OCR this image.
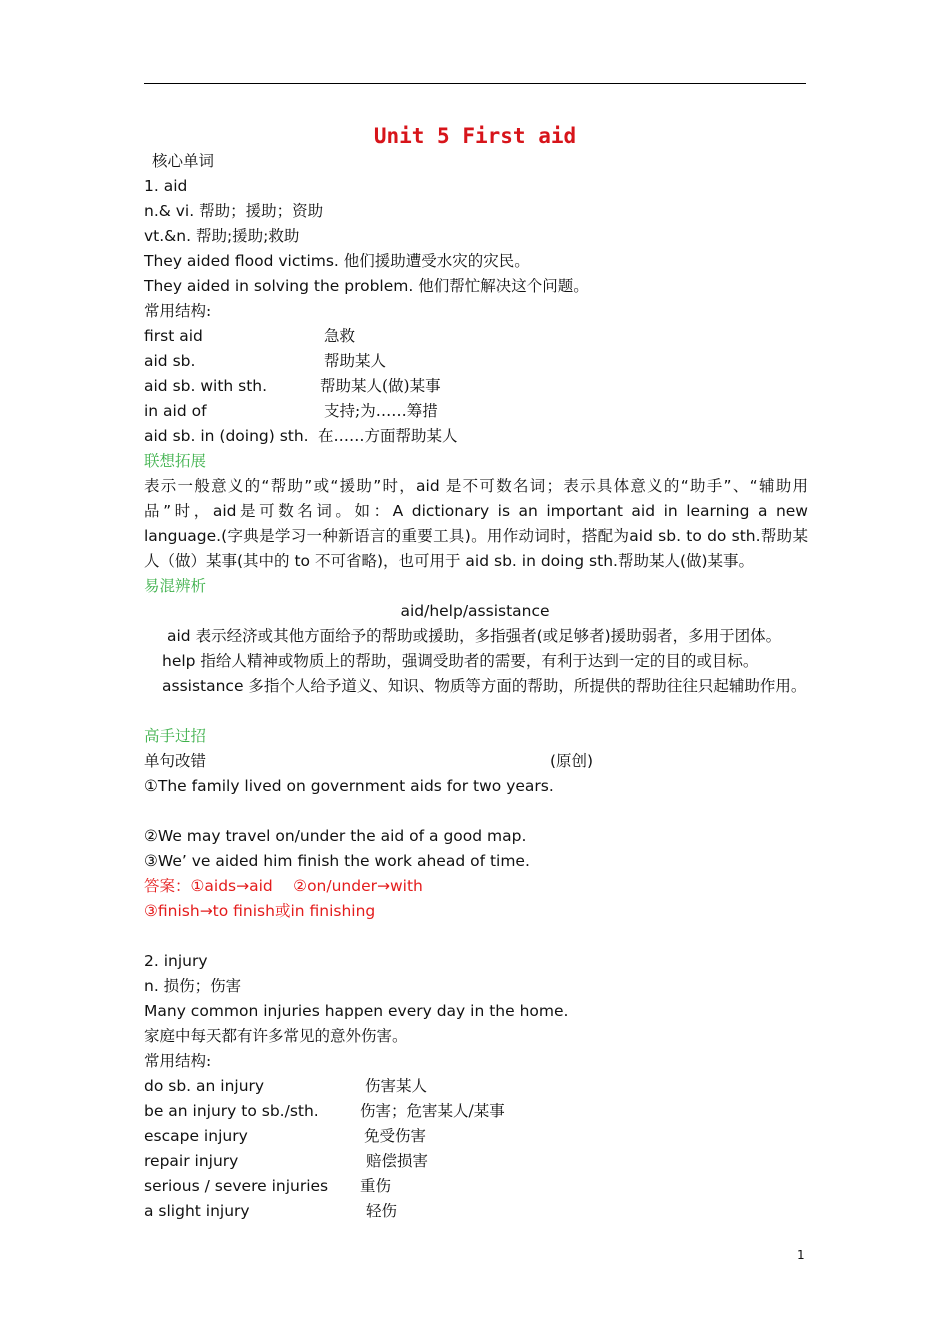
Unit 5 First aid
核心单词
1. aid
n.& vi. 帮助；援助；资助
vt.&n. 帮助;援助;救助
They aided flood victims. 他们援助遭受水灾的灾民。
They aided in solving the problem. 他们帮忙解决这个问题。
常用结构:
first aid	急救
aid sb.	帮助某人
aid sb. with sth.	帮助某人(做)某事
in aid of	支持;为……筹措
aid sb. in (doing) sth. 在……方面帮助某人
联想拓展
表示一般意义的“帮助”或“援助”时，aid 是不可数名词；表示具体意义的“助手”、“辅助用品”时，aid是可数名词。如：A dictionary is an important aid in learning a new language.(字典是学习一种新语言的重要工具)。用作动词时，搭配为aid sb. to do sth.帮助某人（做）某事(其中的 to 不可省略)，也可用于 aid sb. in doing sth.帮助某人(做)某事。
易混辨析
aid/help/assistance
aid 表示经济或其他方面给予的帮助或援助，多指强者(或足够者)援助弱者，多用于团体。
help 指给人精神或物质上的帮助，强调受助者的需要，有利于达到一定的目的或目标。
assistance 多指个人给予道义、知识、物质等方面的帮助，所提供的帮助往往只起辅助作用。
高手过招
单句改错	(原创)
①The family lived on government aids for two years.
②We may travel on/under the aid of a good map.
③We’ ve aided him finish the work ahead of time.
答案：①aids→aid　 ②on/under→with
③finish→to finish或in finishing
2. injury
n. 损伤；伤害
Many common injuries happen every day in the home.
家庭中每天都有许多常见的意外伤害。
常用结构:
do sb. an injury	伤害某人
be an injury to sb./sth.	伤害；危害某人/某事
escape injury	免受伤害
repair injury	赔偿损害
serious / severe injuries 重伤
a slight injury	轻伤
1
